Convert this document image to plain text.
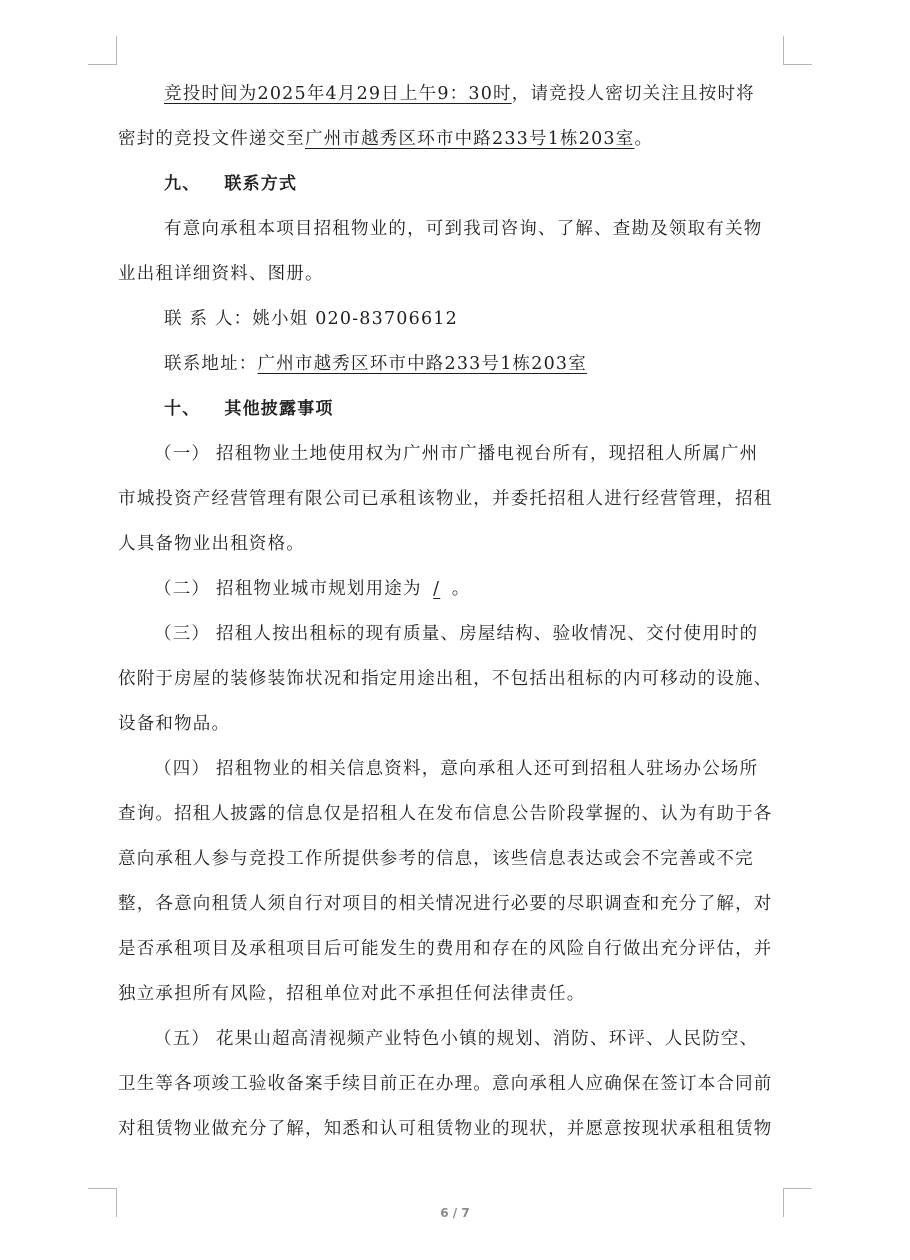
竞投时间为2025年4月29日上午9：30时，请竞投人密切关注且按时将
密封的竞投文件递交至广州市越秀区环市中路233号1栋203室。
九、 联系方式
有意向承租本项目招租物业的，可到我司咨询、了解、查勘及领取有关物
业出租详细资料、图册。
联 系 人：姚小姐 020-83706612
联系地址：广州市越秀区环市中路233号1栋203室
十、 其他披露事项
（一） 招租物业土地使用权为广州市广播电视台所有，现招租人所属广州
市城投资产经营管理有限公司已承租该物业，并委托招租人进行经营管理，招租
人具备物业出租资格。
（二） 招租物业城市规划用途为 / 。
（三） 招租人按出租标的现有质量、房屋结构、验收情况、交付使用时的
依附于房屋的装修装饰状况和指定用途出租，不包括出租标的内可移动的设施、
设备和物品。
（四） 招租物业的相关信息资料，意向承租人还可到招租人驻场办公场所
查询。招租人披露的信息仅是招租人在发布信息公告阶段掌握的、认为有助于各
意向承租人参与竞投工作所提供参考的信息，该些信息表达或会不完善或不完
整，各意向租赁人须自行对项目的相关情况进行必要的尽职调查和充分了解，对
是否承租项目及承租项目后可能发生的费用和存在的风险自行做出充分评估，并
独立承担所有风险，招租单位对此不承担任何法律责任。
（五） 花果山超高清视频产业特色小镇的规划、消防、环评、人民防空、
卫生等各项竣工验收备案手续目前正在办理。意向承租人应确保在签订本合同前
对租赁物业做充分了解，知悉和认可租赁物业的现状，并愿意按现状承租租赁物
6 / 7
